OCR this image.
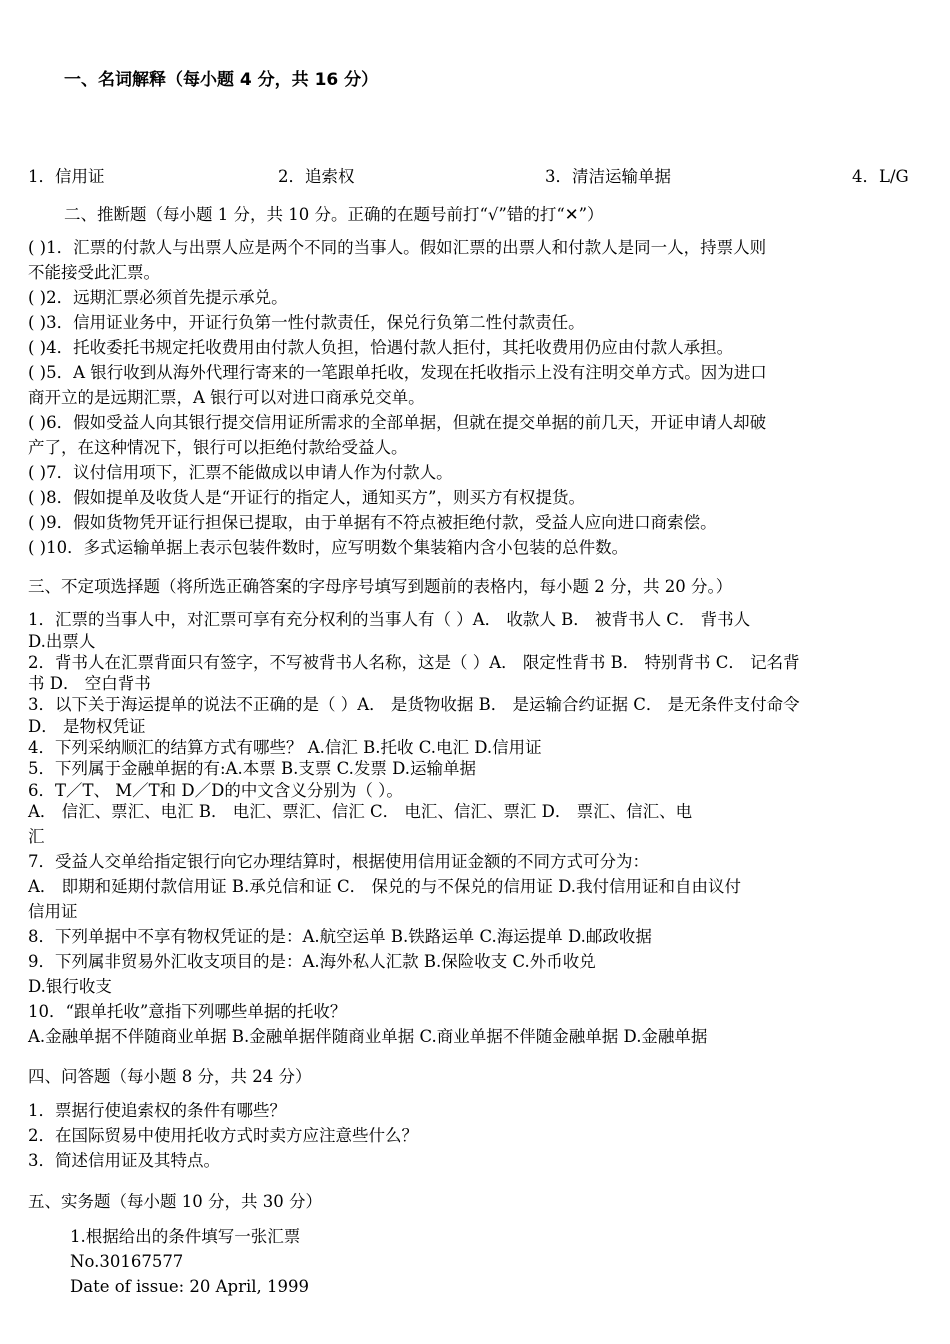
一、名词解释（每小题 4 分，共 16 分）
1．信用证	2．追索权	3．清洁运输单据	4．L/G
二、推断题（每小题 1 分，共 10 分。正确的在题号前打“√”错的打“✕”）
( )1．汇票的付款人与出票人应是两个不同的当事人。假如汇票的出票人和付款人是同一人，持票人则
不能接受此汇票。
( )2．远期汇票必须首先提示承兑。
( )3．信用证业务中，开证行负第一性付款责任，保兑行负第二性付款责任。
( )4．托收委托书规定托收费用由付款人负担，恰遇付款人拒付，其托收费用仍应由付款人承担。
( )5．A 银行收到从海外代理行寄来的一笔跟单托收，发现在托收指示上没有注明交单方式。因为进口
商开立的是远期汇票，A 银行可以对进口商承兑交单。
( )6．假如受益人向其银行提交信用证所需求的全部单据，但就在提交单据的前几天，开证申请人却破
产了，在这种情况下，银行可以拒绝付款给受益人。
( )7．议付信用项下，汇票不能做成以申请人作为付款人。
( )8．假如提单及收货人是“开证行的指定人，通知买方”，则买方有权提货。
( )9．假如货物凭开证行担保已提取，由于单据有不符点被拒绝付款，受益人应向进口商索偿。
( )10．多式运输单据上表示包装件数时，应写明数个集装箱内含小包装的总件数。
三、不定项选择题（将所选正确答案的字母序号填写到题前的表格内，每小题 2 分，共 20 分。）
1．汇票的当事人中，对汇票可享有充分权利的当事人有（ ）A． 收款人 B． 被背书人 C． 背书人
D.出票人
2．背书人在汇票背面只有签字，不写被背书人名称，这是（ ）A． 限定性背书 B． 特别背书 C． 记名背
书 D． 空白背书
3．以下关于海运提单的说法不正确的是（ ）A． 是货物收据 B． 是运输合约证据 C． 是无条件支付命令
D． 是物权凭证
4．下列采纳顺汇的结算方式有哪些？ A.信汇 B.托收 C.电汇 D.信用证
5．下列属于金融单据的有:A.本票 B.支票 C.发票 D.运输单据
6．T／T、 M／T和 D／D的中文含义分别为（ ）。
A． 信汇、票汇、电汇 B． 电汇、票汇、信汇 C． 电汇、信汇、票汇 D． 票汇、信汇、电
汇
7．受益人交单给指定银行向它办理结算时，根据使用信用证金额的不同方式可分为：
A． 即期和延期付款信用证 B.承兑信和证 C． 保兑的与不保兑的信用证 D.我付信用证和自由议付
信用证
8．下列单据中不享有物权凭证的是：A.航空运单 B.铁路运单 C.海运提单 D.邮政收据
9．下列属非贸易外汇收支项目的是：A.海外私人汇款 B.保险收支 C.外币收兑
D.银行收支
10．“跟单托收”意指下列哪些单据的托收？
A.金融单据不伴随商业单据 B.金融单据伴随商业单据 C.商业单据不伴随金融单据 D.金融单据
四、问答题（每小题 8 分，共 24 分）
1．票据行使追索权的条件有哪些？
2．在国际贸易中使用托收方式时卖方应注意些什么？
3．简述信用证及其特点。
五、实务题（每小题 10 分，共 30 分）
1.根据给出的条件填写一张汇票
No.30167577
Date of issue: 20 April, 1999
